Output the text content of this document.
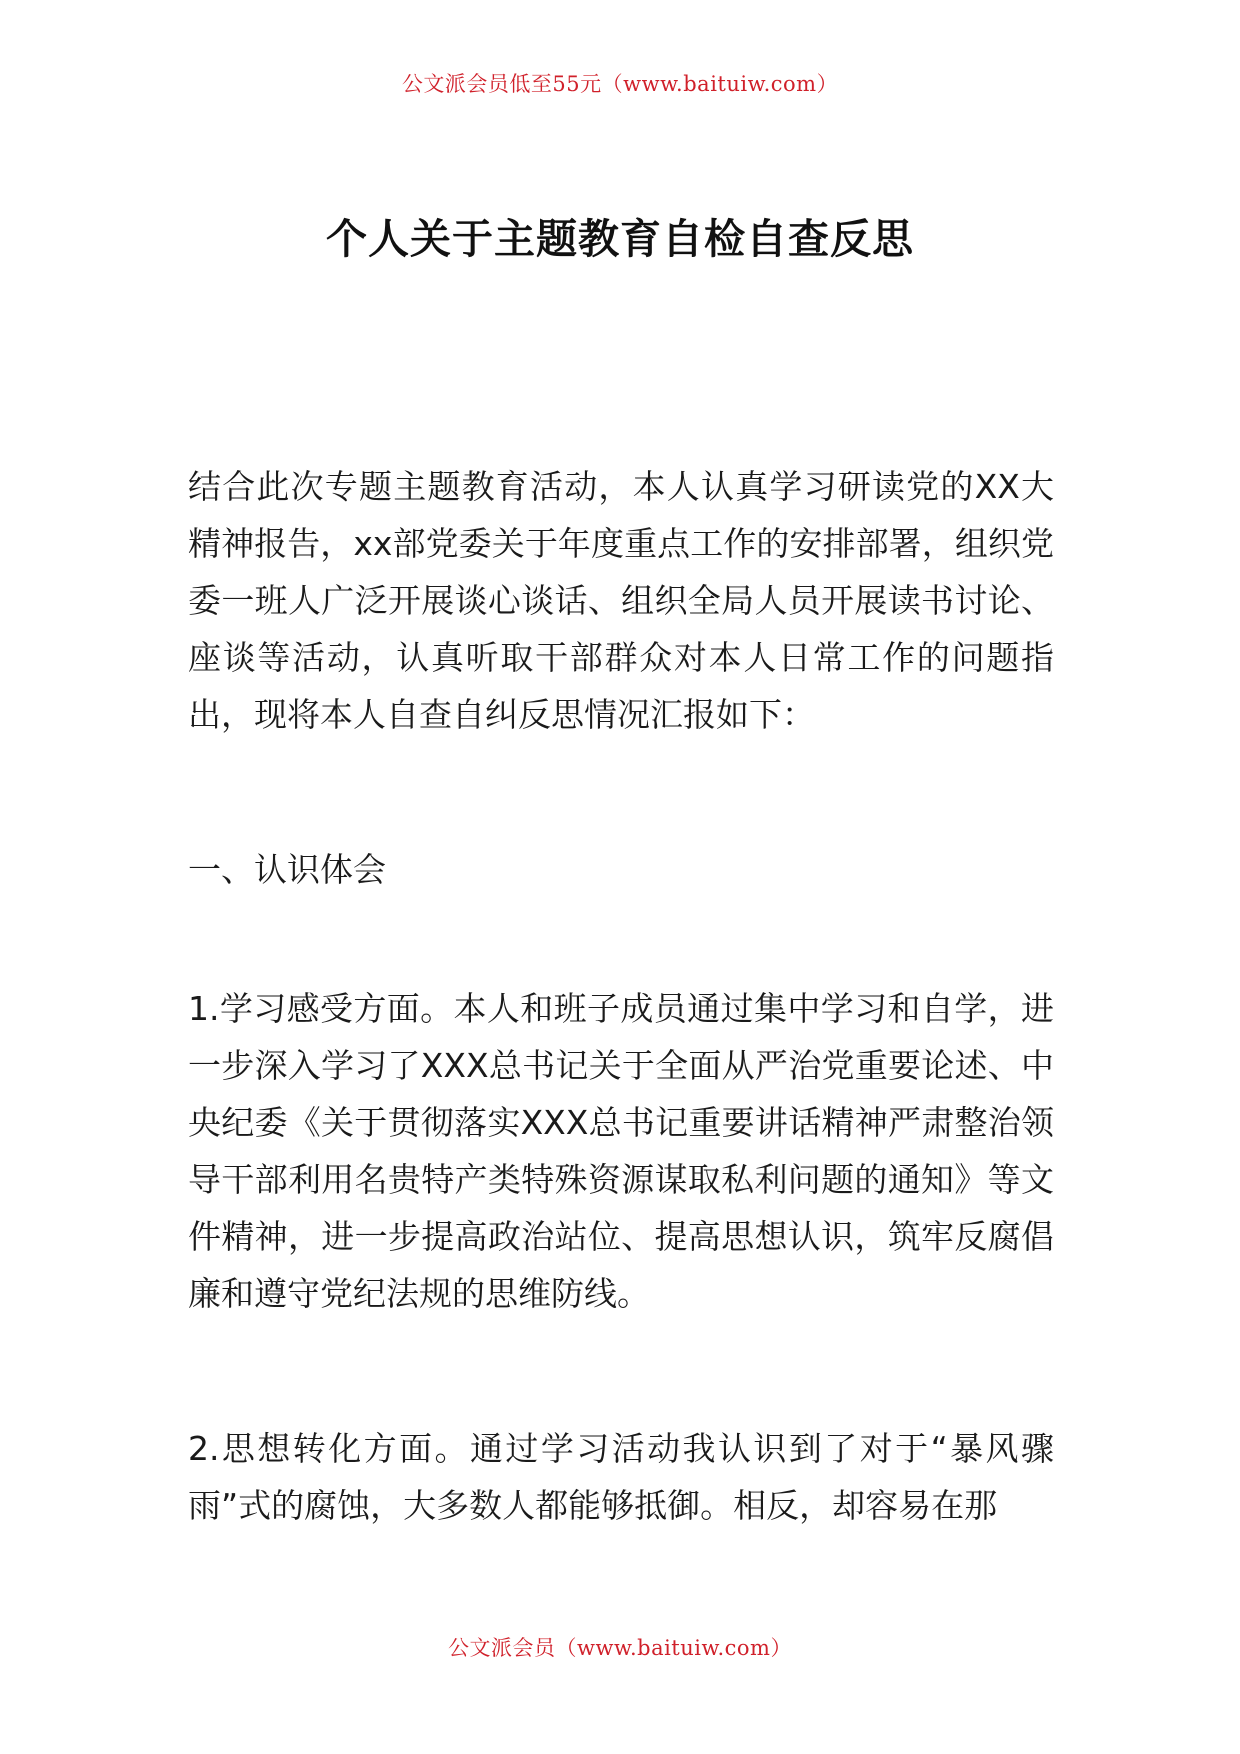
公文派会员低至55元（www.baituiw.com）
个人关于主题教育自检自查反思

结合此次专题主题教育活动，本人认真学习研读党的XX大精神报告，xx部党委关于年度重点工作的安排部署，组织党委一班人广泛开展谈心谈话、组织全局人员开展读书讨论、座谈等活动，认真听取干部群众对本人日常工作的问题指出，现将本人自查自纠反思情况汇报如下：

一、认识体会

1.学习感受方面。本人和班子成员通过集中学习和自学，进一步深入学习了XXX总书记关于全面从严治党重要论述、中央纪委《关于贯彻落实XXX总书记重要讲话精神严肃整治领导干部利用名贵特产类特殊资源谋取私利问题的通知》等文件精神，进一步提高政治站位、提高思想认识，筑牢反腐倡廉和遵守党纪法规的思维防线。

2.思想转化方面。通过学习活动我认识到了对于“暴风骤雨”式的腐蚀，大多数人都能够抵御。相反，却容易在那

公文派会员（www.baituiw.com）
